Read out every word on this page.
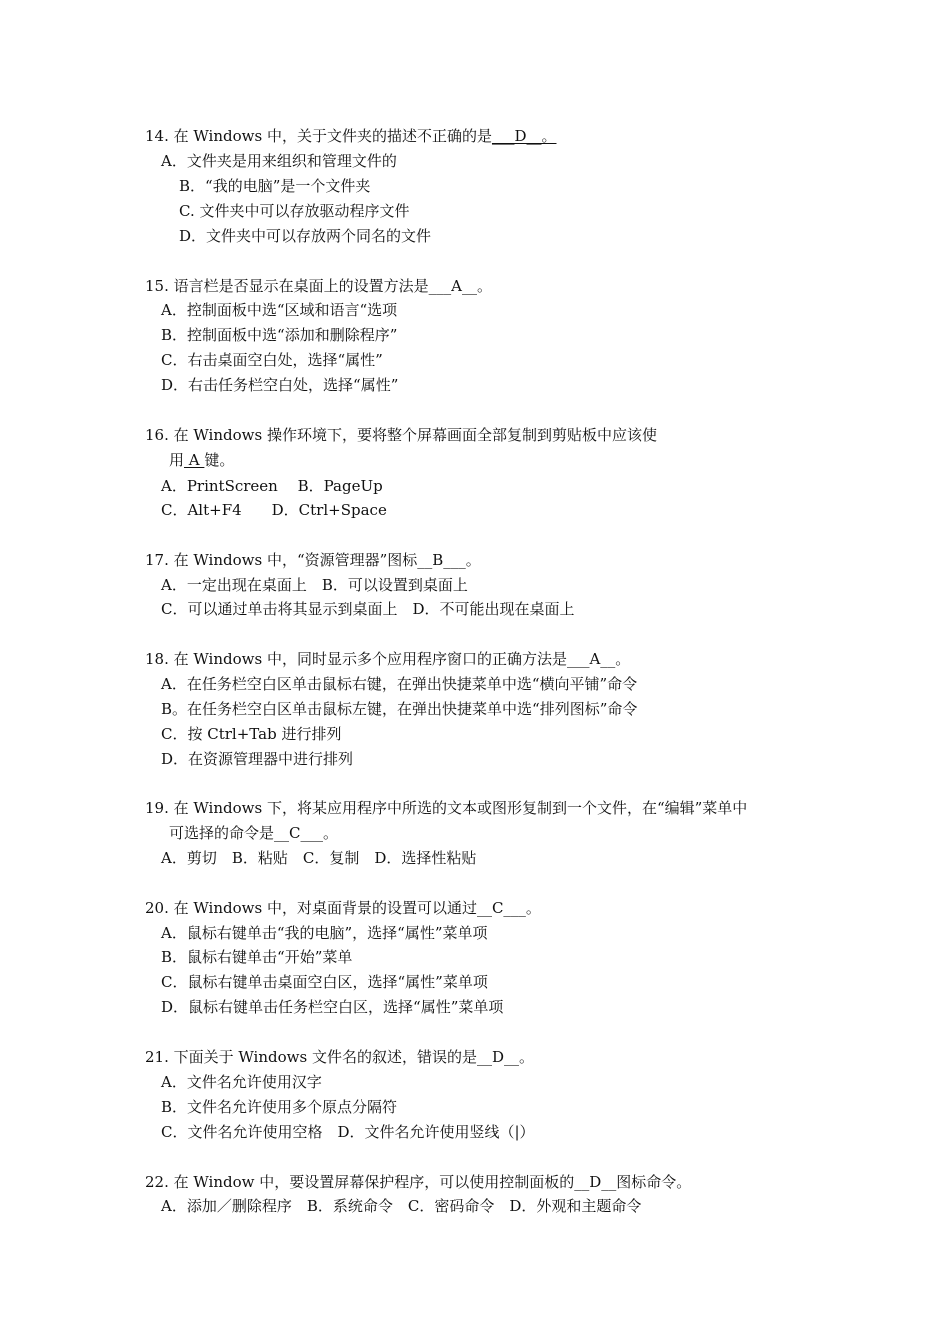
14. 在 Windows 中，关于文件夹的描述不正确的是___D__。
A．文件夹是用来组织和管理文件的
B．“我的电脑”是一个文件夹
C. 文件夹中可以存放驱动程序文件
D．文件夹中可以存放两个同名的文件
15. 语言栏是否显示在桌面上的设置方法是___A__。
A．控制面板中选“区域和语言“选项
B．控制面板中选“添加和删除程序”
C．右击桌面空白处，选择“属性”
D．右击任务栏空白处，选择“属性”
16. 在 Windows 操作环境下，要将整个屏幕画面全部复制到剪贴板中应该使
用 A 键。
A．PrintScreen　 B．PageUp
C．Alt+F4　　D．Ctrl+Space
17. 在 Windows 中，“资源管理器”图标__B___。
A．一定出现在桌面上　B．可以设置到桌面上
C．可以通过单击将其显示到桌面上　D．不可能出现在桌面上
18. 在 Windows 中，同时显示多个应用程序窗口的正确方法是___A__。
A．在任务栏空白区单击鼠标右键，在弹出快捷菜单中选“横向平铺”命令
B。在任务栏空白区单击鼠标左键，在弹出快捷菜单中选“排列图标”命令
C．按 Ctrl+Tab 进行排列
D．在资源管理器中进行排列
19. 在 Windows 下，将某应用程序中所选的文本或图形复制到一个文件，在“编辑”菜单中
可选择的命令是__C___。
A．剪切　B．粘贴　C．复制　D．选择性粘贴
20. 在 Windows 中，对桌面背景的设置可以通过__C___。
A．鼠标右键单击“我的电脑”，选择“属性”菜单项
B．鼠标右键单击“开始”菜单
C．鼠标右键单击桌面空白区，选择“属性”菜单项
D．鼠标右键单击任务栏空白区，选择“属性”菜单项
21. 下面关于 Windows 文件名的叙述，错误的是__D__。
A．文件名允许使用汉字
B．文件名允许使用多个原点分隔符
C．文件名允许使用空格　D．文件名允许使用竖线（|）
22. 在 Window 中，要设置屏幕保护程序，可以使用控制面板的__D__图标命令。
A．添加／删除程序　B．系统命令　C．密码命令　D．外观和主题命令
